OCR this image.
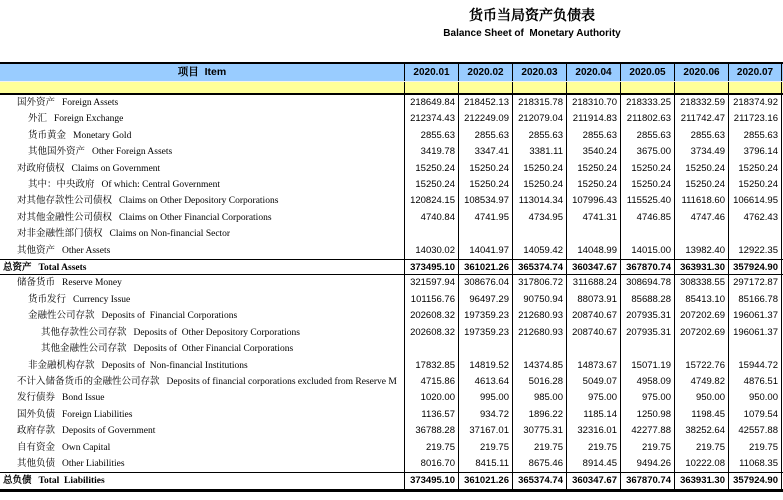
货币当局资产负债表
Balance Sheet of  Monetary Authority
项目  Item	2020.01	2020.02	2020.03	2020.04	2020.05	2020.06	2020.07
国外资产 Foreign Assets	218649.84 218452.13 218315.78 218310.70 218333.25 218332.59 218374.92
外汇 Foreign Exchange	212374.43 212249.09 212079.04	211914.83	211802.63	211742.47 211723.16
货币黄金 Monetary Gold	2855.63	2855.63	2855.63	2855.63	2855.63	2855.63	2855.63
其他国外资产 Other Foreign Assets	3419.78	3347.41	3381.11	3540.24	3675.00	3734.49	3796.14
对政府债权 Claims on Government	15250.24	15250.24	15250.24	15250.24	15250.24	15250.24	15250.24
其中：中央政府 Of which: Central Government	15250.24	15250.24	15250.24	15250.24	15250.24	15250.24	15250.24
对其他存款性公司债权 Claims on Other Depository Corporations	120824.15 108534.97	113014.34 107996.43	115525.40	111618.60 106614.95
对其他金融性公司债权 Claims on Other Financial Corporations	4740.84	4741.95	4734.95	4741.31	4746.85	4747.46	4762.43
对非金融性部门债权 Claims on Non-financial Sector
其他资产 Other Assets	14030.02	14041.97	14059.42	14048.99	14015.00	13982.40	12922.35
总资产 Total Assets	373495.10 361021.26 365374.74 360347.67 367870.74 363931.30 357924.90
储备货币 Reserve Money	321597.94 308676.04 317806.72	311688.24 308694.78 308338.55 297172.87
货币发行 Currency Issue	101156.76	96497.29	90750.94	88073.91	85688.28	85413.10	85166.78
金融性公司存款 Deposits of  Financial Corporations	202608.32 197359.23 212680.93 208740.67 207935.31 207202.69 196061.37
其他存款性公司存款 Deposits of  Other Depository Corporations	202608.32 197359.23 212680.93 208740.67 207935.31 207202.69 196061.37
其他金融性公司存款 Deposits of  Other Financial Corporations
非金融机构存款 Deposits of  Non-financial Institutions	17832.85	14819.52	14374.85	14873.67	15071.19	15722.76	15944.72
不计入储备货币的金融性公司存款 Deposits of financial corporations excluded from Reserve M	4715.86	4613.64	5016.28	5049.07	4958.09	4749.82	4876.51
发行债券 Bond Issue	1020.00	995.00	985.00	975.00	975.00	950.00	950.00
国外负债 Foreign Liabilities	1136.57	934.72	1896.22	1185.14	1250.98	1198.45	1079.54
政府存款 Deposits of Government	36788.28	37167.01	30775.31	32316.01	42277.88	38252.64	42557.88
自有资金 Own Capital	219.75	219.75	219.75	219.75	219.75	219.75	219.75
其他负债 Other Liabilities	8016.70	8415.11	8675.46	8914.45	9494.26	10222.08	11068.35
总负债 Total  Liabilities	373495.10 361021.26 365374.74 360347.67 367870.74 363931.30 357924.90
